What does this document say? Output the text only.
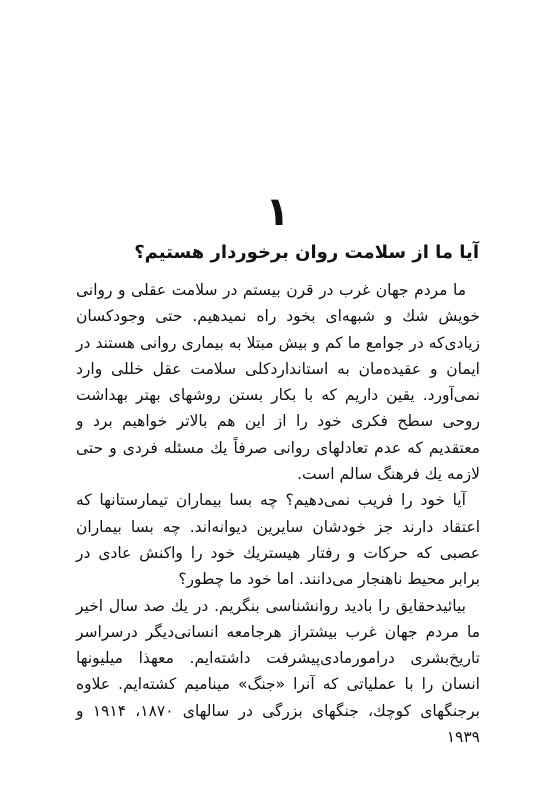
۱
آیا ما از سلامت روان برخوردار هستیم؟

ما مردم جهان غرب در قرن بیستم در سلامت عقلی و روانی خویش شك و شبهه‌ای بخود راه نمیدهیم. حتی وجودکسان زیادی‌که در جوامع ما کم و بیش مبتلا به بیماری روانی هستند در ایمان و عقیده‌مان به استانداردکلی سلامت عقل خللی وارد نمی‌آورد. یقین داریم که با بکار بستن روشهای بهتر بهداشت روحی سطح فکری خود را از این هم بالاتر خواهیم برد و معتقدیم که عدم تعادلهای روانی صرفاً یك مسئله فردی و حتی لازمه يك فرهنگ سالم است.

آیا خود را فریب نمی‌دهیم؟ چه بسا بیماران تیمارستانها که اعتقاد دارند جز خودشان سایرین دیوانه‌اند. چه بسا بیماران عصبی که حرکات و رفتار هیستریك خود را واکنش عادی در برابر محیط ناهنجار می‌دانند. اما خود ما چطور؟

بیائیدحقایق را بادید روانشناسی بنگریم. در یك صد سال اخیر ما مردم جهان غرب بیشتراز هرجامعه انسانی‌دیگر درسراسر تاریخ‌بشری درامورمادی‌پیشرفت داشته‌ایم. معهذا میلیونها انسان را با عملیاتی که آنرا «جنگ» مینامیم کشته‌ایم. علاوه برجنگهای کوچك، جنگهای بزرگی در سالهای ۱۸۷۰، ۱۹۱۴ و ۱۹۳۹
